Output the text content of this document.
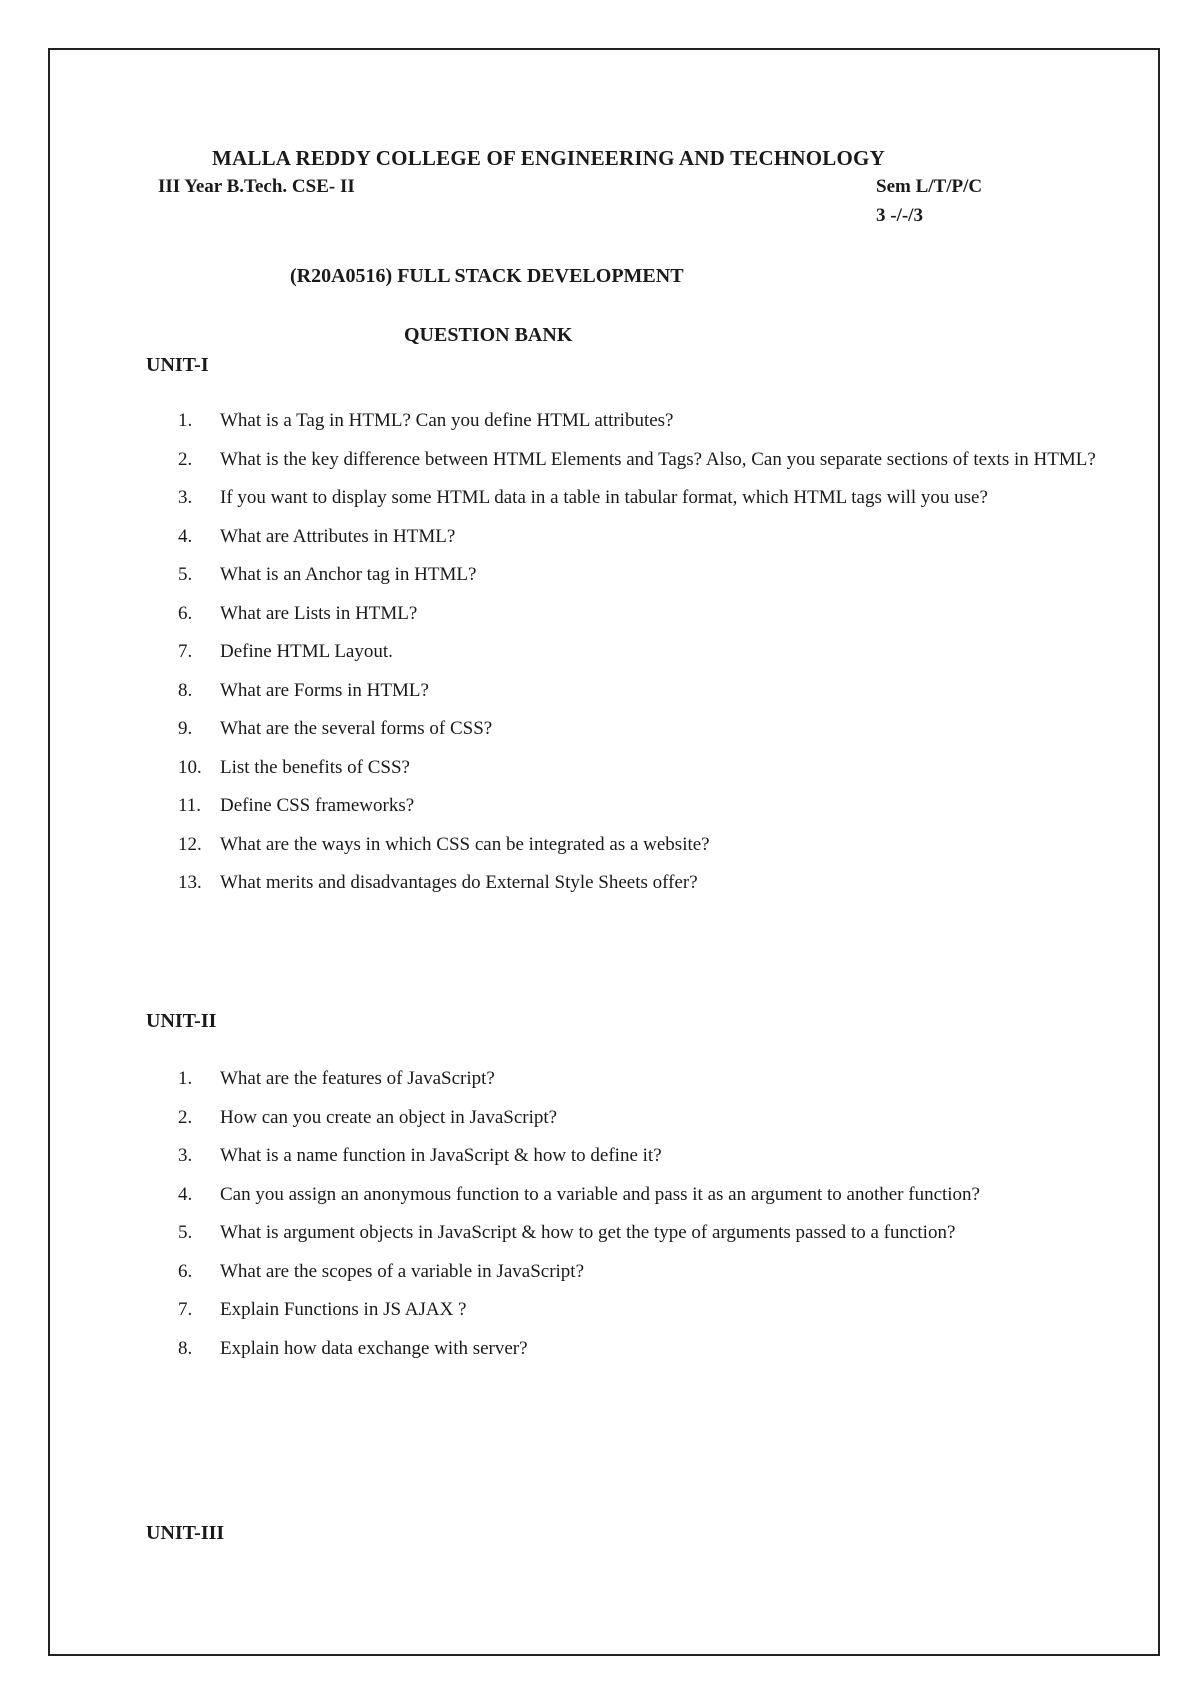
MALLA REDDY COLLEGE OF ENGINEERING AND TECHNOLOGY
III Year B.Tech. CSE- II	Sem L/T/P/C
3 -/-/3
(R20A0516) FULL STACK DEVELOPMENT
QUESTION BANK
UNIT-I
1.	What is a Tag in HTML? Can you define HTML attributes?
2.	What is the key difference between HTML Elements and Tags? Also, Can you separate sections of texts in HTML?
3.	If you want to display some HTML data in a table in tabular format, which HTML tags will you use?
4.	What are Attributes in HTML?
5.	What is an Anchor tag in HTML?
6.	What are Lists in HTML?
7.	Define HTML Layout.
8.	What are Forms in HTML?
9.	What are the several forms of CSS?
10. List the benefits of CSS?
11. Define CSS frameworks?
12. What are the ways in which CSS can be integrated as a website?
13. What merits and disadvantages do External Style Sheets offer?
UNIT-II
1.	What are the features of JavaScript?
2.	How can you create an object in JavaScript?
3.	What is a name function in JavaScript & how to define it?
4.	Can you assign an anonymous function to a variable and pass it as an argument to another function?
5.	What is argument objects in JavaScript & how to get the type of arguments passed to a function?
6.	What are the scopes of a variable in JavaScript?
7.	Explain Functions in JS AJAX ?
8.	Explain how data exchange with server?
UNIT-III
